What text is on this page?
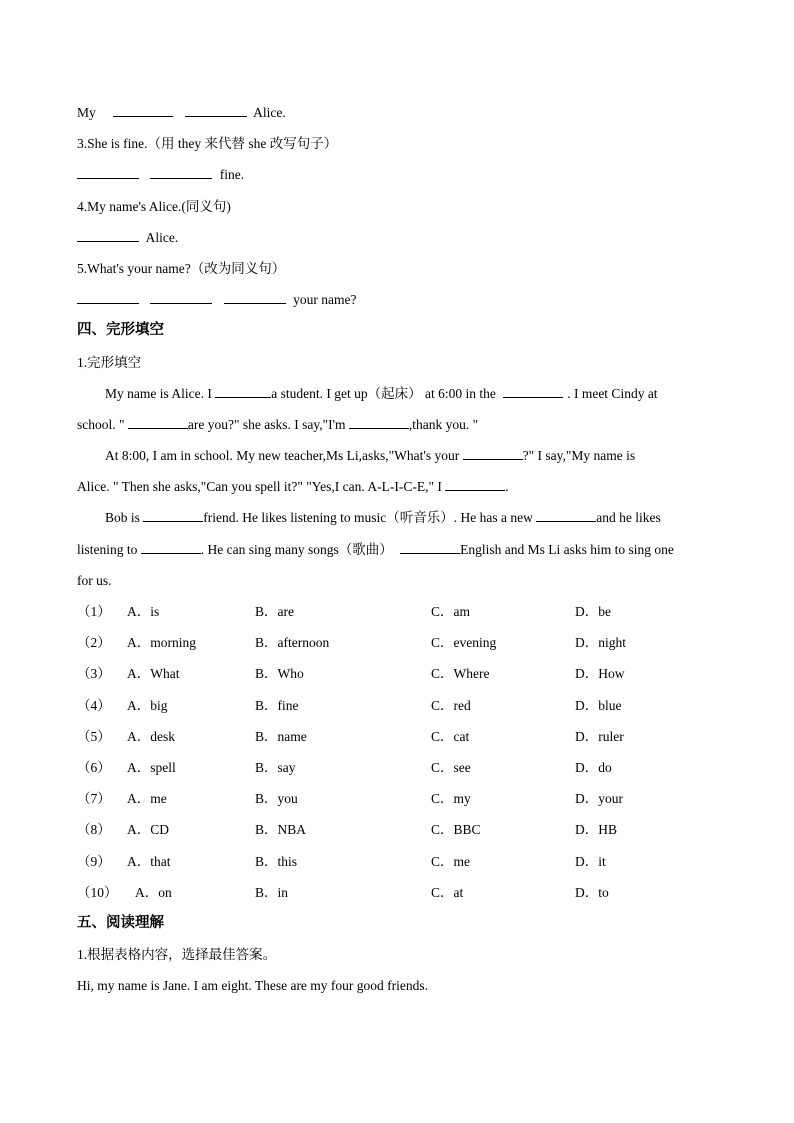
My	Alice.
3.She is fine.（用 they 来代替 she 改写句子）
fine.
4.My name's Alice.(同义句)
Alice.
5.What's your name?（改为同义句）
your name?
四、完形填空
1.完形填空
My name is Alice. I	a student. I get up（起床） at 6:00 in the	. I meet Cindy at
school. "	are you?" she asks. I say,"I'm	,thank you. "
At 8:00, I am in school. My new teacher,Ms Li,asks,"What's your	?" I say,"My name is
Alice. " Then she asks,"Can you spell it?" "Yes,I can. A-L-I-C-E," I	.
Bob is	friend. He likes listening to music（听音乐）. He has a new	and he likes
listening to	. He can sing many songs（歌曲）	English and Ms Li asks him to sing one
for us.
（1） A．is	B．are	C．am	D．be
（2） A．morning	B．afternoon	C．evening	D．night
（3） A．What	B．Who	C．Where	D．How
（4） A．big	B．fine	C．red	D．blue
（5） A．desk	B．name	C．cat	D．ruler
（6） A．spell	B．say	C．see	D．do
（7） A．me	B．you	C．my	D．your
（8） A．CD	B．NBA	C．BBC	D．HB
（9） A．that	B．this	C．me	D．it
（10） A．on	B．in	C．at	D．to
五、阅读理解
1.根据表格内容，选择最佳答案。
Hi, my name is Jane. I am eight. These are my four good friends.
